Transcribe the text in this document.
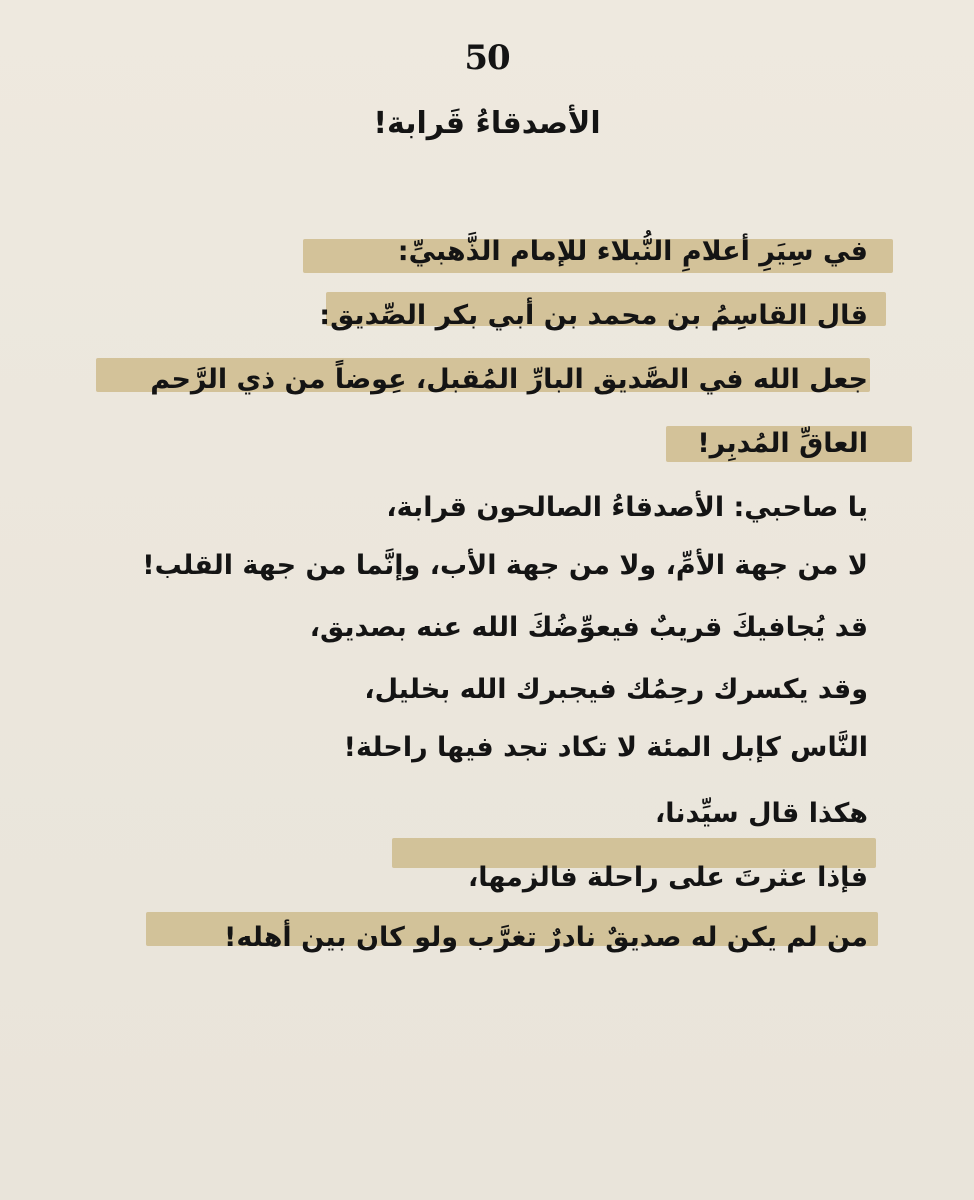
50
الأصدقاءُ قَرابة!
في سِيَرِ أعلامِ النُّبلاء للإمام الذَّهبيِّ:
قال القاسِمُ بن محمد بن أبي بكر الصِّديق:
جعل الله في الصَّديق البارِّ المُقبل، عِوضاً من ذي الرَّحم
العاقِّ المُدبِر!
يا صاحبي: الأصدقاءُ الصالحون قرابة،
لا من جهة الأمِّ، ولا من جهة الأب، وإنَّما من جهة القلب!
قد يُجافيكَ قريبٌ فيعوِّضُكَ الله عنه بصديق،
وقد يكسرك رحِمُك فيجبرك الله بخليل،
النَّاس كإبل المئة لا تكاد تجد فيها راحلة!
هكذا قال سيِّدنا،
فإذا عثرتَ على راحلة فالزمها،
من لم يكن له صديقٌ نادرٌ تغرَّب ولو كان بين أهله!
